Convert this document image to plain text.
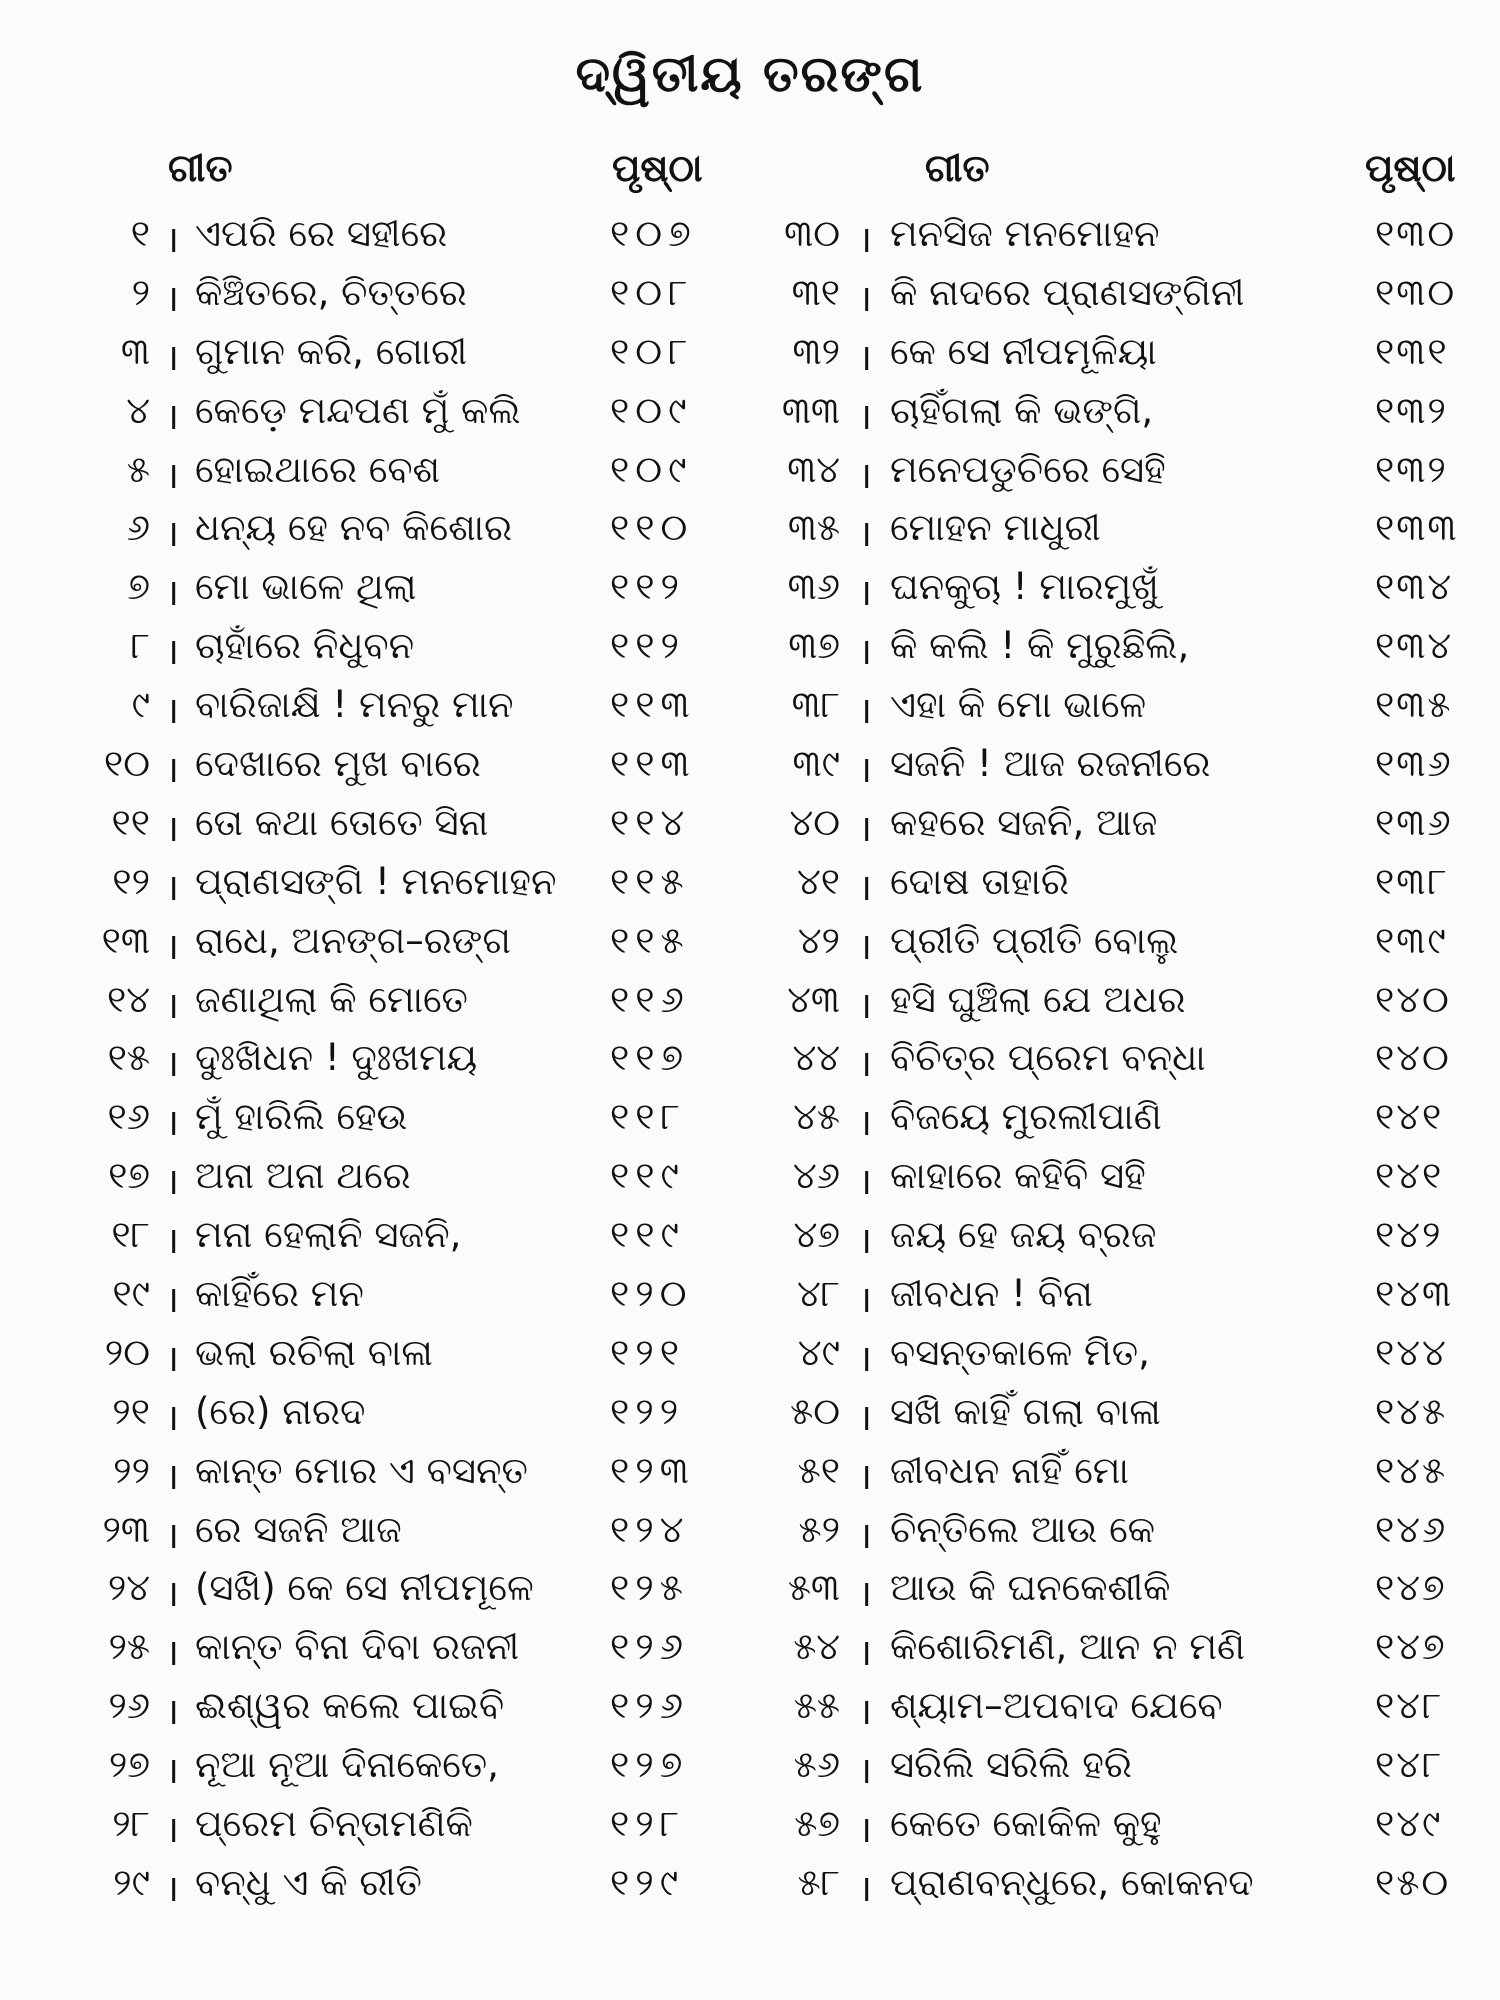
ଦ୍ୱିତୀୟ ତରଙ୍ଗ
ଗୀତ	ପୃଷ୍ଠା
୧ । ଏପରି ରେ ସହୀରେ	୧୦୭
୨ । କିଞ୍ଚିତରେ, ଚିତ୍ତରେ	୧୦୮
୩ । ଗୁମାନ କରି, ଗୋରୀ	୧୦୮
୪ । କେଡ଼େ ମନ୍ଦପଣ ମୁଁ କଲି ୧୦୯
୫ । ହୋଇଥାରେ ବେଶ	୧୦୯
୬ । ଧନ୍ୟ ହେ ନବ କିଶୋର	୧୧୦
୭ । ମୋ ଭାଳେ ଥିଲା	୧୧୨
୮ । ଚାହାଁରେ ନିଧୁବନ	୧୧୨
୯ । ବାରିଜାକ୍ଷି ! ମନରୁ ମାନ	୧୧୩
୧୦ । ଦେଖାରେ ମୁଖ ବାରେ	୧୧୩
୧୧ । ତୋ କଥା ତୋତେ ସିନା	୧୧୪
୧୨ । ପ୍ରାଣସଙ୍ଗି ! ମନମୋହନ ୧୧୫
୧୩ । ରାଧେ, ଅନଙ୍ଗ–ରଙ୍ଗ	୧୧୫
୧୪ । ଜଣାଥିଲା କି ମୋତେ	୧୧୬
୧୫ । ଦୁଃଖିଧନ ! ଦୁଃଖମୟ	୧୧୭
୧୬ । ମୁଁ ହାରିଲି ହେଉ	୧୧୮
୧୭ । ଅନା ଅନା ଥରେ	୧୧୯
୧୮ । ମନା ହେଲାନି ସଜନି,	୧୧୯
୧୯ । କାହିଁରେ ମନ	୧୨୦
୨୦ । ଭଲା ରଚିଲା ବାଳା	୧୨୧
୨୧ । (ରେ) ନାରଦ	୧୨୨
୨୨ । କାନ୍ତ ମୋର ଏ ବସନ୍ତ ୧୨୩
୨୩ । ରେ ସଜନି ଆଜ	୧୨୪
୨୪ । (ସଖି) କେ ସେ ନୀପମୂଳେ ୧୨୫
୨୫ । କାନ୍ତ ବିନା ଦିବା ରଜନୀ ୧୨୬
୨୬ । ଈଶ୍ୱର କଲେ ପାଇବି	୧୨୬
୨୭ । ନୂଆ ନୂଆ ଦିନାକେତେ,	୧୨୭
୨୮ । ପ୍ରେମ ଚିନ୍ତାମଣିକି	୧୨୮
୨୯ । ବନ୍ଧୁ ଏ କି ରୀତି	୧୨୯
ଗୀତ	ପୃଷ୍ଠା
୩୦ । ମନସିଜ ମନମୋହନ	୧୩୦
୩୧ । କି ନାଦରେ ପ୍ରାଣସଙ୍ଗିନୀ	୧୩୦
୩୨ । କେ ସେ ନୀପମୂଳିୟା	୧୩୧
୩୩ । ଚାହିଁଗଲା କି ଭଙ୍ଗି,	୧୩୨
୩୪ । ମନେପଡୁଚିରେ ସେହି	୧୩୨
୩୫ । ମୋହନ ମାଧୁରୀ	୧୩୩
୩୬ । ଘନକୁଚା ! ମାରମୁଖୁଁ	୧୩୪
୩୭ । କି କଲି ! କି ମୁରୁଛିଲି,	୧୩୪
୩୮ । ଏହା କି ମୋ ଭାଳେ	୧୩୫
୩୯ । ସଜନି ! ଆଜ ରଜନୀରେ	୧୩୬
୪୦ । କହରେ ସଜନି, ଆଜ	୧୩୬
୪୧ । ଦୋଷ ତାହାରି	୧୩୮
୪୨ । ପ୍ରୀତି ପ୍ରୀତି ବୋଲୁ	୧୩୯
୪୩ । ହସି ଘୁଞ୍ଚିଲା ଯେ ଅଧର	୧୪୦
୪୪ । ବିଚିତ୍ର ପ୍ରେମ ବନ୍ଧା	୧୪୦
୪୫ । ବିଜୟେ ମୁରଲୀପାଣି	୧୪୧
୪୬ । କାହାରେ କହିବି ସହି	୧୪୧
୪୭ । ଜୟ ହେ ଜୟ ବ୍ରଜ	୧୪୨
୪୮ । ଜୀବଧନ ! ବିନା	୧୪୩
୪୯ । ବସନ୍ତକାଳେ ମିତ,	୧୪୪
୫୦ । ସଖି କାହିଁ ଗଲା ବାଳା	୧୪୫
୫୧ । ଜୀବଧନ ନାହିଁ ମୋ	୧୪୫
୫୨ । ଚିନ୍ତିଲେ ଆଉ କେ	୧୪୬
୫୩ । ଆଉ କି ଘନକେଶୀକି	୧୪୭
୫୪ । କିଶୋରିମଣି, ଆନ ନ ମଣି	୧୪୭
୫୫ । ଶ୍ୟାମ–ଅପବାଦ ଯେବେ	୧୪୮
୫୬ । ସରିଲି ସରିଲି ହରି	୧୪୮
୫୭ । କେତେ କୋକିଳ କୁହୁ	୧୪୯
୫୮ । ପ୍ରାଣବନ୍ଧୁରେ, କୋକନଦ	୧୫୦
